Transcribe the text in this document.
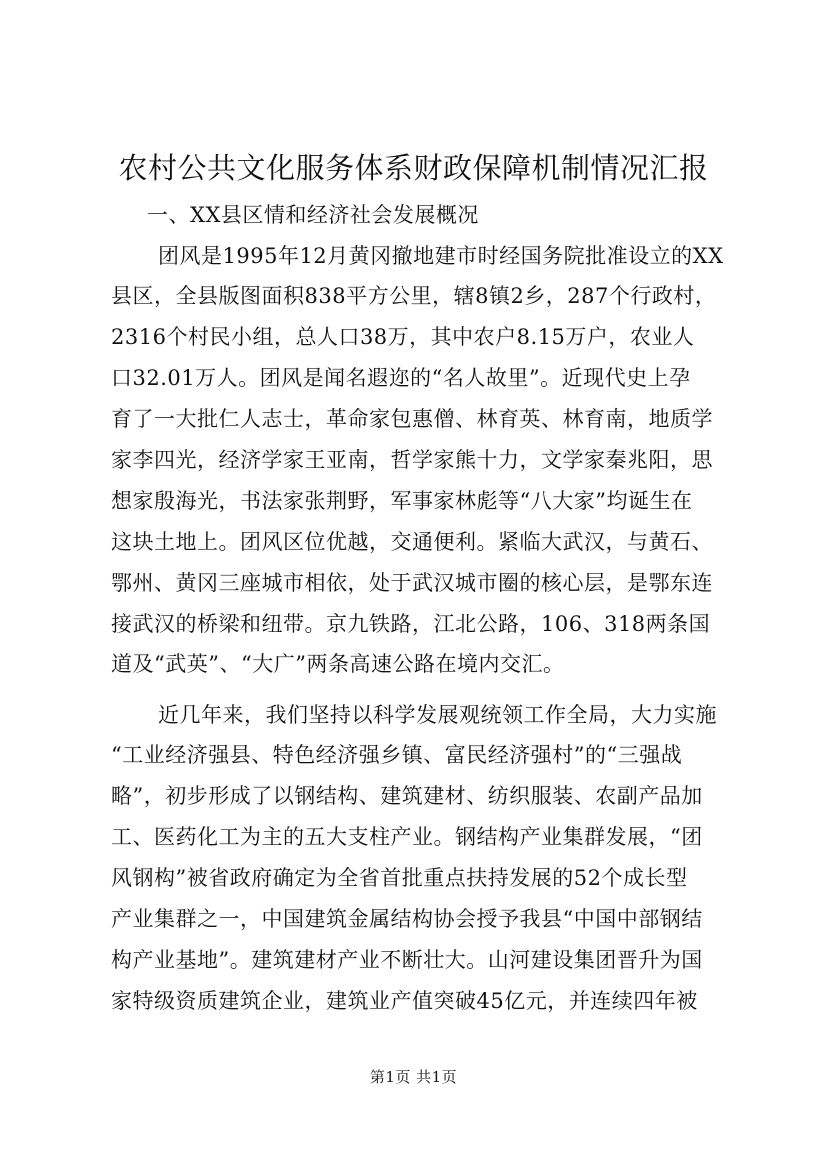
农村公共文化服务体系财政保障机制情况汇报
一、XX县区情和经济社会发展概况
团风是1995年12月黄冈撤地建市时经国务院批准设立的XX
县区，全县版图面积838平方公里，辖8镇2乡，287个行政村，
2316个村民小组，总人口38万，其中农户8.15万户，农业人
口32.01万人。团风是闻名遐迩的“名人故里”。近现代史上孕
育了一大批仁人志士，革命家包惠僧、林育英、林育南，地质学
家李四光，经济学家王亚南，哲学家熊十力，文学家秦兆阳，思
想家殷海光，书法家张荆野，军事家林彪等“八大家”均诞生在
这块土地上。团风区位优越，交通便利。紧临大武汉，与黄石、
鄂州、黄冈三座城市相依，处于武汉城市圈的核心层，是鄂东连
接武汉的桥梁和纽带。京九铁路，江北公路，106、318两条国
道及“武英”、“大广”两条高速公路在境内交汇。
近几年来，我们坚持以科学发展观统领工作全局，大力实施
“工业经济强县、特色经济强乡镇、富民经济强村”的“三强战
略”，初步形成了以钢结构、建筑建材、纺织服装、农副产品加
工、医药化工为主的五大支柱产业。钢结构产业集群发展，“团
风钢构”被省政府确定为全省首批重点扶持发展的52个成长型
产业集群之一，中国建筑金属结构协会授予我县“中国中部钢结
构产业基地”。建筑建材产业不断壮大。山河建设集团晋升为国
家特级资质建筑企业，建筑业产值突破45亿元，并连续四年被
第1页 共1页
